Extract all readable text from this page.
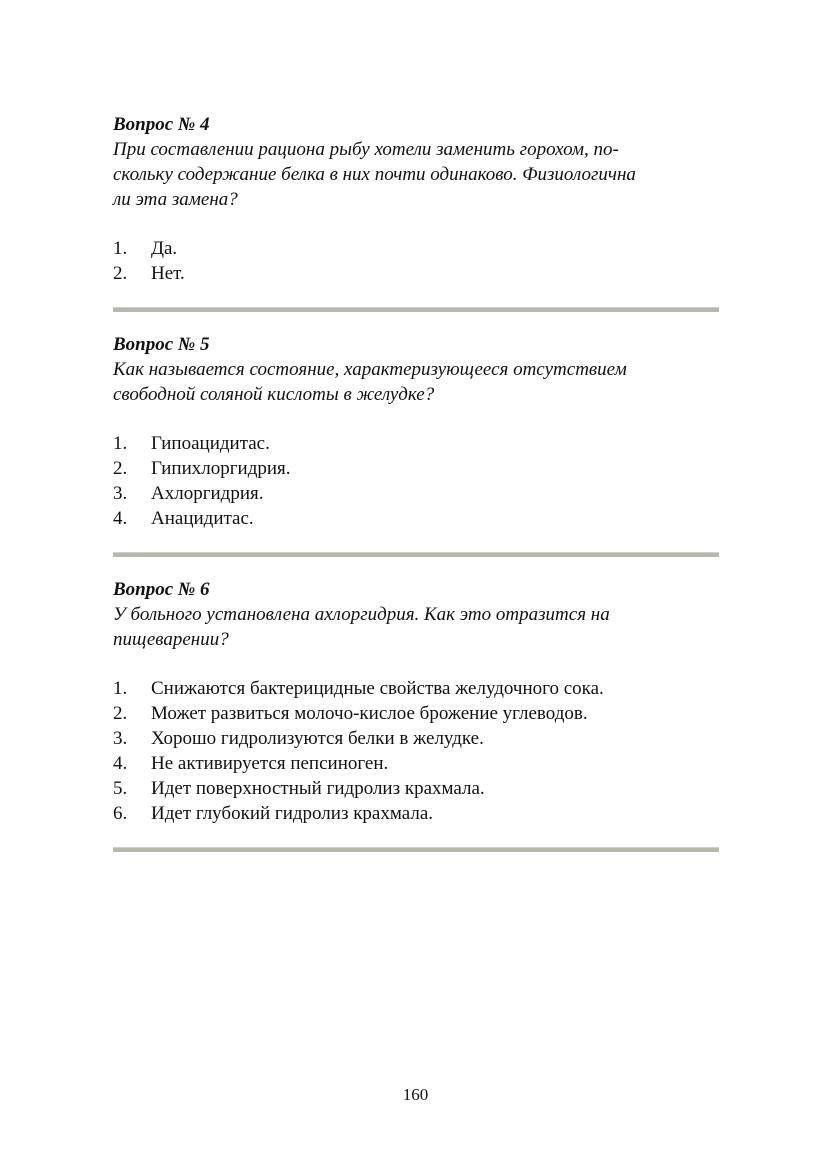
Вопрос № 4

При составлении рациона рыбу хотели заменить горохом, по-

скольку содержание белка в них почти одинаково. Физиологична

ли эта замена?

1.	Да.
2.	Нет.

Вопрос № 5

Как называется состояние, характеризующееся отсутствием

свободной соляной кислоты в желудке?

1.	Гипоацидитас.
2.	Гипихлоргидрия.
3.	Ахлоргидрия.
4.	Анацидитас.

Вопрос № 6

У больного установлена ахлоргидрия. Как это отразится на

пищеварении?

1.	Снижаются бактерицидные свойства желудочного сока.
2.	Может развиться молочо-кислое брожение углеводов.
3.	Хорошо гидролизуются белки в желудке.
4.	Не активируется пепсиноген.
5.	Идет поверхностный гидролиз крахмала.
6.	Идет глубокий гидролиз крахмала.
160
